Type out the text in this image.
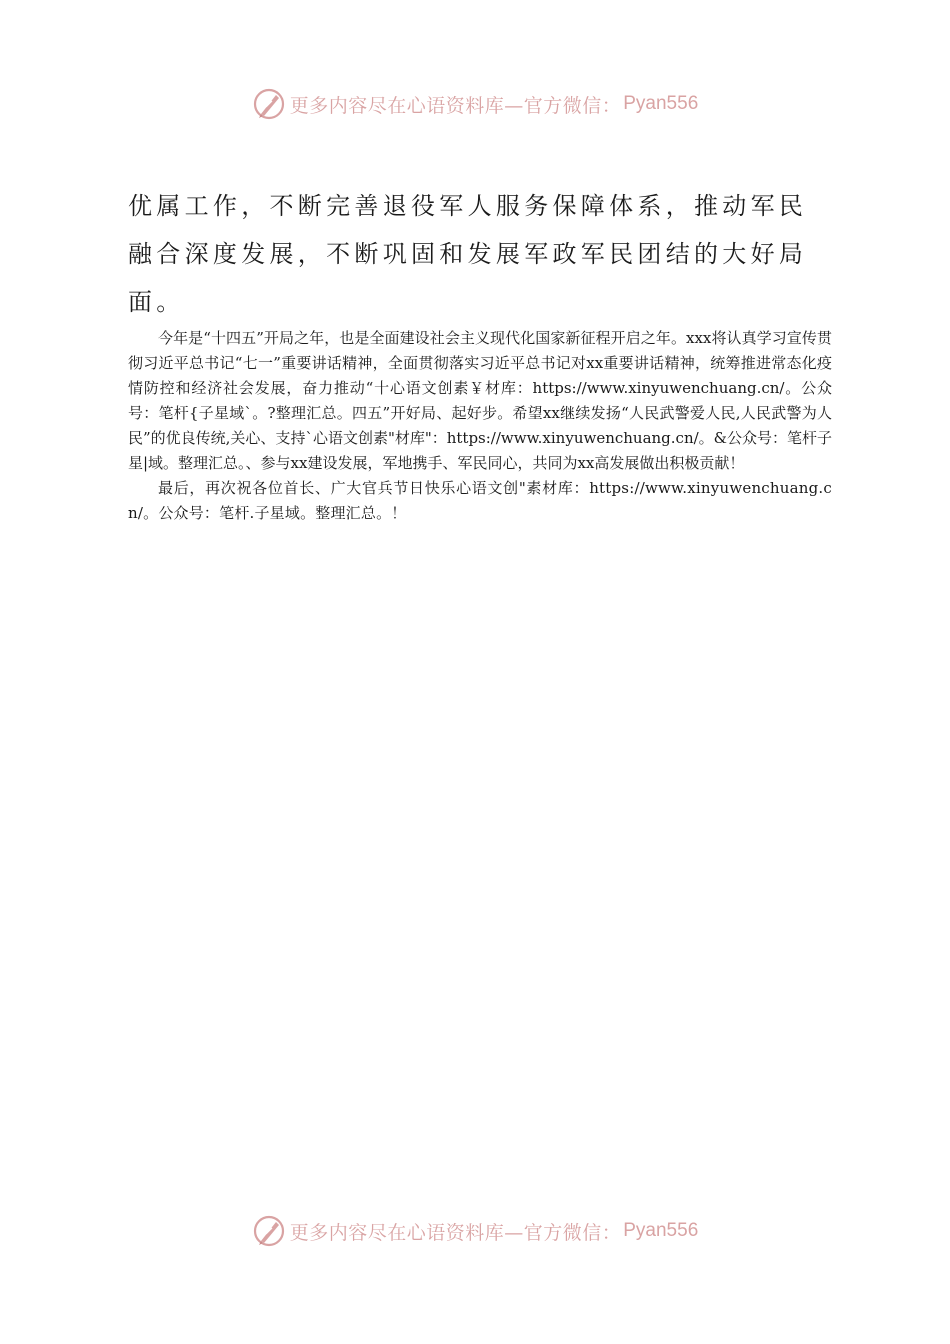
更多内容尽在心语资料库—官方微信： Pyan556

优属工作，不断完善退役军人服务保障体系，推动军民融合深度发展，不断巩固和发展军政军民团结的大好局面。

今年是“十四五”开局之年，也是全面建设社会主义现代化国家新征程开启之年。xxx将认真学习宣传贯彻习近平总书记“七一”重要讲话精神，全面贯彻落实习近平总书记对xx重要讲话精神，统筹推进常态化疫情防控和经济社会发展，奋力推动“十心语文创素￥材库：https://www.xinyuwenchuang.cn/。公众号：笔杆{子星域`。?整理汇总。四五”开好局、起好步。希望xx继续发扬“人民武警爱人民,人民武警为人民”的优良传统,关心、支持`心语文创素"材库"：https://www.xinyuwenchuang.cn/。&公众号：笔杆子星|域。整理汇总。、参与xx建设发展，军地携手、军民同心，共同为xx高发展做出积极贡献！

最后，再次祝各位首长、广大官兵节日快乐心语文创"素材库：https://www.xinyuwenchuang.cn/。公众号：笔杆.子星域。整理汇总。！

更多内容尽在心语资料库—官方微信： Pyan556
